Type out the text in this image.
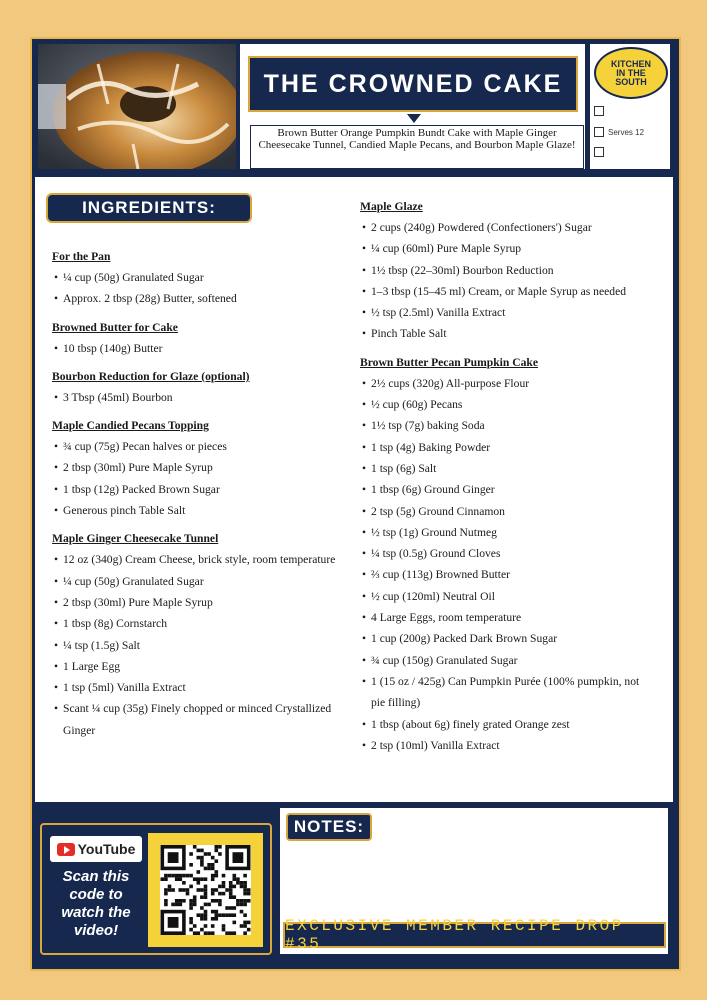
THE CROWNED CAKE
Brown Butter Orange Pumpkin Bundt Cake with Maple Ginger Cheesecake Tunnel, Candied Maple Pecans, and Bourbon Maple Glaze!
KITCHEN
IN THE
SOUTH
Serves 12
INGREDIENTS:
For the Pan
• ¼ cup (50g) Granulated Sugar
• Approx. 2 tbsp (28g) Butter, softened
Browned Butter for Cake
• 10 tbsp (140g) Butter
Bourbon Reduction for Glaze (optional)
• 3 Tbsp (45ml) Bourbon
Maple Candied Pecans Topping
• ¾ cup (75g) Pecan halves or pieces
• 2 tbsp (30ml) Pure Maple Syrup
• 1 tbsp (12g) Packed Brown Sugar
• Generous pinch Table Salt
Maple Ginger Cheesecake Tunnel
• 12 oz (340g) Cream Cheese, brick style, room temperature
• ¼ cup (50g) Granulated Sugar
• 2 tbsp (30ml) Pure Maple Syrup
• 1 tbsp (8g) Cornstarch
• ¼ tsp (1.5g) Salt
• 1 Large Egg
• 1 tsp (5ml) Vanilla Extract
• Scant ¼ cup (35g) Finely chopped or minced Crystallized Ginger
Maple Glaze
• 2 cups (240g) Powdered (Confectioners') Sugar
• ¼ cup (60ml) Pure Maple Syrup
• 1½ tbsp (22–30ml) Bourbon Reduction
• 1–3 tbsp (15–45 ml) Cream, or Maple Syrup as needed
• ½ tsp (2.5ml) Vanilla Extract
• Pinch Table Salt
Brown Butter Pecan Pumpkin Cake
• 2½ cups (320g) All-purpose Flour
• ½ cup (60g) Pecans
• 1½ tsp (7g) baking Soda
• 1 tsp (4g) Baking Powder
• 1 tsp (6g) Salt
• 1 tbsp (6g) Ground Ginger
• 2 tsp (5g) Ground Cinnamon
• ½ tsp (1g) Ground Nutmeg
• ¼ tsp (0.5g) Ground Cloves
• ⅔ cup (113g) Browned Butter
• ½ cup (120ml) Neutral Oil
• 4 Large Eggs, room temperature
• 1 cup (200g) Packed Dark Brown Sugar
• ¾ cup (150g) Granulated Sugar
• 1 (15 oz / 425g) Can Pumpkin Purée (100% pumpkin, not pie filling)
• 1 tbsp (about 6g) finely grated Orange zest
• 2 tsp (10ml) Vanilla Extract
YouTube
Scan this code to watch the video!
NOTES:
EXCLUSIVE MEMBER RECIPE DROP #35
